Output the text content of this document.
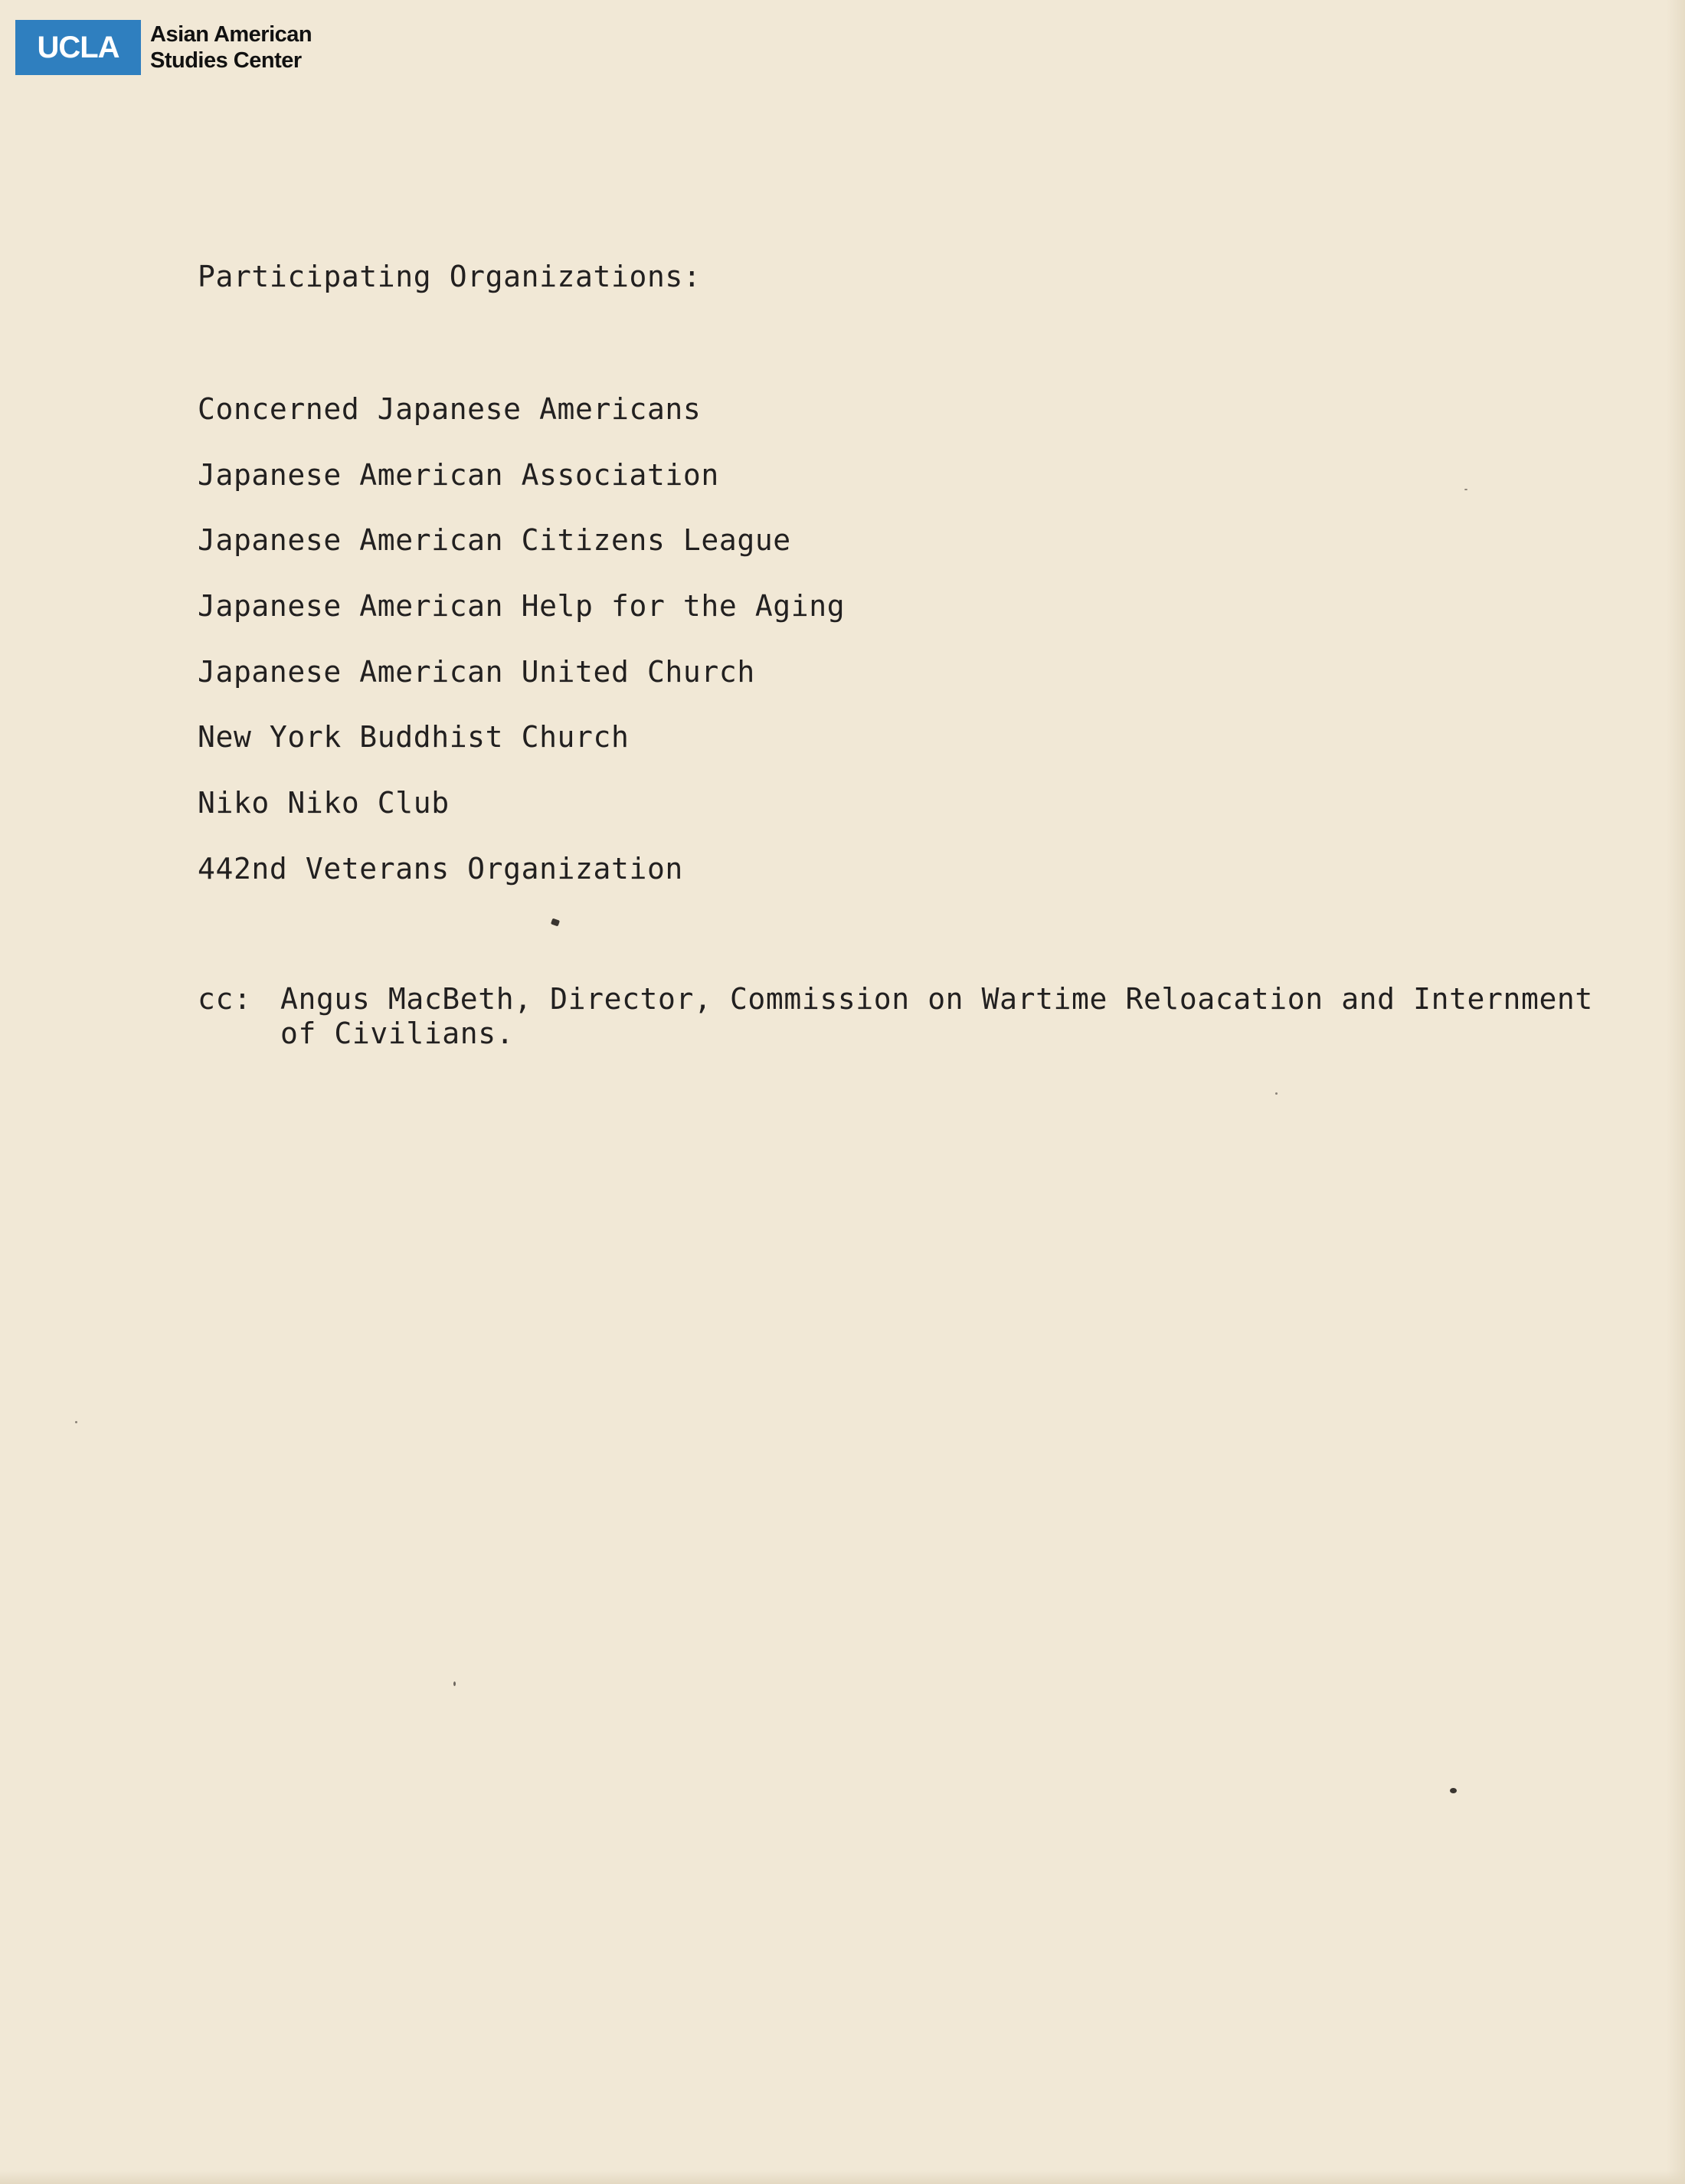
UCLA	Asian American
Studies Center
Participating Organizations:
Concerned Japanese Americans
Japanese American Association
Japanese American Citizens League
Japanese American Help for the Aging
Japanese American United Church
New York Buddhist Church
Niko Niko Club
442nd Veterans Organization
cc: Angus MacBeth, Director, Commission on Wartime Reloacation and Internment of Civilians.
